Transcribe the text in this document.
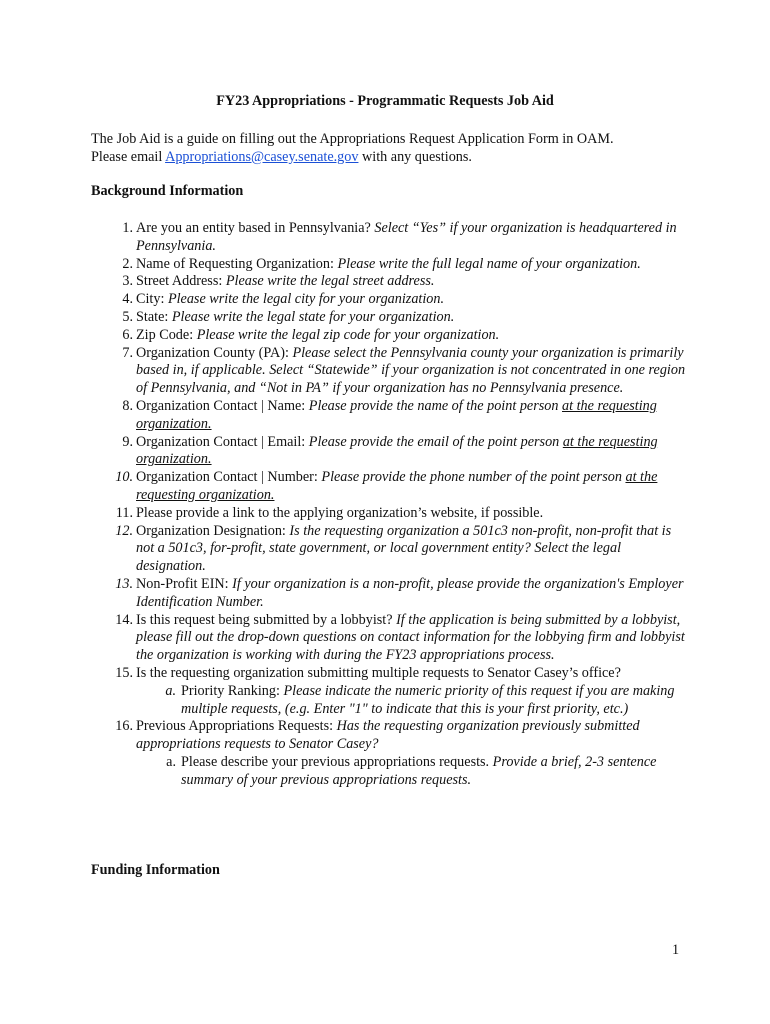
FY23 Appropriations - Programmatic Requests Job Aid
The Job Aid is a guide on filling out the Appropriations Request Application Form in OAM.
Please email Appropriations@casey.senate.gov with any questions.
Background Information
1. Are you an entity based in Pennsylvania? Select “Yes” if your organization is headquartered in Pennsylvania.
2. Name of Requesting Organization: Please write the full legal name of your organization.
3. Street Address: Please write the legal street address.
4. City: Please write the legal city for your organization.
5. State: Please write the legal state for your organization.
6. Zip Code: Please write the legal zip code for your organization.
7. Organization County (PA): Please select the Pennsylvania county your organization is primarily based in, if applicable. Select “Statewide” if your organization is not concentrated in one region of Pennsylvania, and “Not in PA” if your organization has no Pennsylvania presence.
8. Organization Contact | Name: Please provide the name of the point person at the requesting organization.
9. Organization Contact | Email: Please provide the email of the point person at the requesting organization.
10. Organization Contact | Number: Please provide the phone number of the point person at the requesting organization.
11. Please provide a link to the applying organization’s website, if possible.
12. Organization Designation: Is the requesting organization a 501c3 non-profit, non-profit that is not a 501c3, for-profit, state government, or local government entity? Select the legal designation.
13. Non-Profit EIN: If your organization is a non-profit, please provide the organization's Employer Identification Number.
14. Is this request being submitted by a lobbyist? If the application is being submitted by a lobbyist, please fill out the drop-down questions on contact information for the lobbying firm and lobbyist the organization is working with during the FY23 appropriations process.
15. Is the requesting organization submitting multiple requests to Senator Casey’s office?
a. Priority Ranking: Please indicate the numeric priority of this request if you are making multiple requests, (e.g. Enter "1" to indicate that this is your first priority, etc.)
16. Previous Appropriations Requests: Has the requesting organization previously submitted appropriations requests to Senator Casey?
a. Please describe your previous appropriations requests. Provide a brief, 2-3 sentence summary of your previous appropriations requests.
Funding Information
1
